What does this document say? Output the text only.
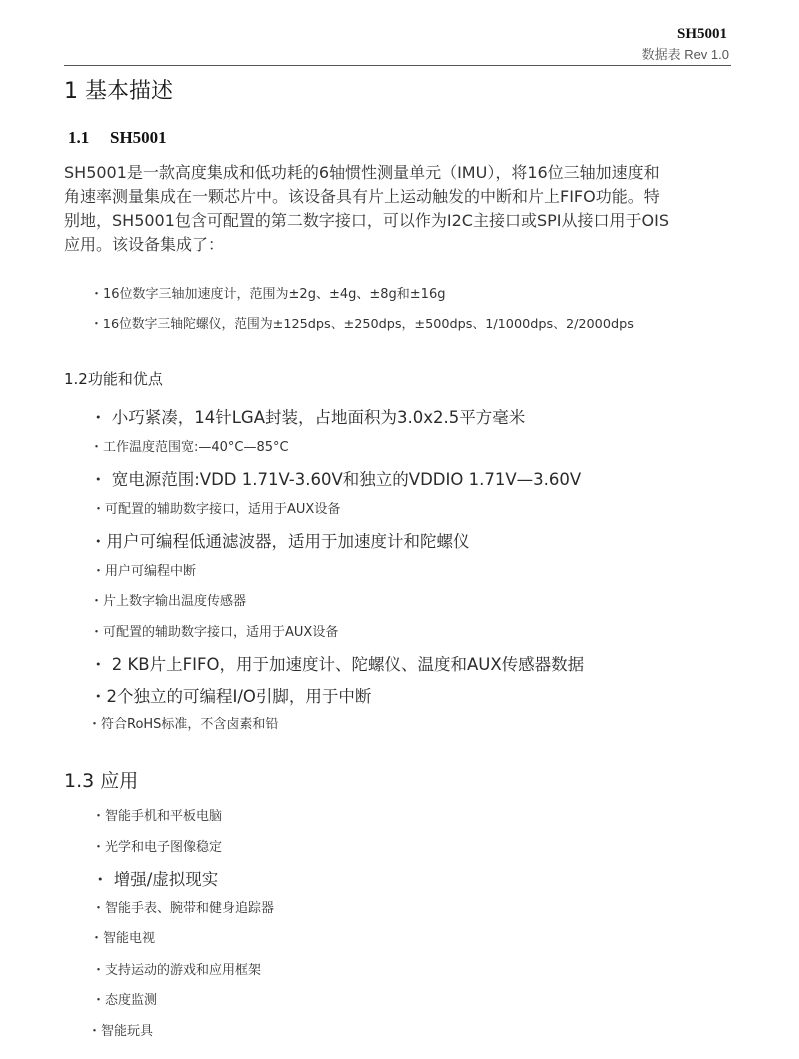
SH5001
数据表 Rev 1.0
1 基本描述
1.1 SH5001
SH5001是一款高度集成和低功耗的6轴惯性测量单元（IMU），将16位三轴加速度和
角速率测量集成在一颗芯片中。该设备具有片上运动触发的中断和片上FIFO功能。特
别地，SH5001包含可配置的第二数字接口，可以作为I2C主接口或SPI从接口用于OIS
应用。该设备集成了：
・16位数字三轴加速度计，范围为±2g、±4g、±8g和±16g
・16位数字三轴陀螺仪，范围为±125dps、±250dps，±500dps、1/1000dps、2/2000dps
1.2功能和优点
・ 小巧紧凑，14针LGA封装，占地面积为3.0x2.5平方毫米
・工作温度范围宽:—40°C—85°C
・ 宽电源范围:VDD 1.71V-3.60V和独立的VDDIO 1.71V—3.60V
・可配置的辅助数字接口，适用于AUX设备
・用户可编程低通滤波器，适用于加速度计和陀螺仪
・用户可编程中断
・片上数字输出温度传感器
・可配置的辅助数字接口，适用于AUX设备
・ 2 KB片上FIFO，用于加速度计、陀螺仪、温度和AUX传感器数据
・2个独立的可编程I/O引脚，用于中断
・符合RoHS标准，不含卤素和铅
1.3 应用
・智能手机和平板电脑
・光学和电子图像稳定
・ 增强/虚拟现实
・智能手表、腕带和健身追踪器
・智能电视
・支持运动的游戏和应用框架
・态度监测
・智能玩具
